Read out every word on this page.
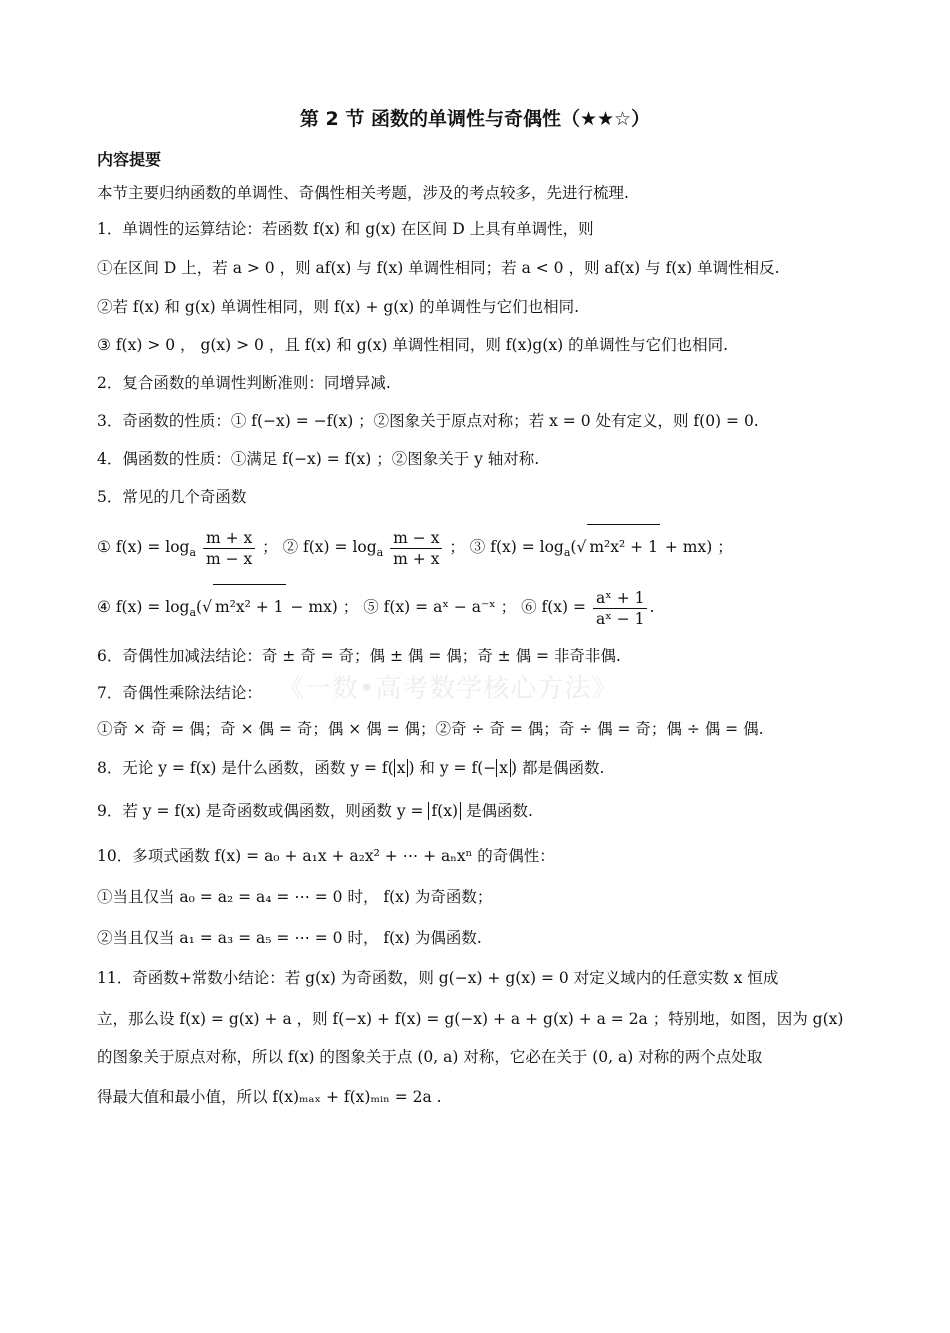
《一数•高考数学核心方法》
第 2 节 函数的单调性与奇偶性（★★☆）
内容提要
本节主要归纳函数的单调性、奇偶性相关考题，涉及的考点较多，先进行梳理.
1．单调性的运算结论：若函数 f(x) 和 g(x) 在区间 D 上具有单调性，则
①在区间 D 上，若 a > 0 ，则 af(x) 与 f(x) 单调性相同；若 a < 0 ，则 af(x) 与 f(x) 单调性相反.
②若 f(x) 和 g(x) 单调性相同，则 f(x) + g(x) 的单调性与它们也相同.
③ f(x) > 0 ， g(x) > 0 ，且 f(x) 和 g(x) 单调性相同，则 f(x)g(x) 的单调性与它们也相同.
2．复合函数的单调性判断准则：同增异减.
3．奇函数的性质：① f(−x) = −f(x) ；②图象关于原点对称；若 x = 0 处有定义，则 f(0) = 0.
4．偶函数的性质：①满足 f(−x) = f(x) ；②图象关于 y 轴对称.
5．常见的几个奇函数
① $f(x) = \log_a \frac{m + x}{m - x}$ ； ② $f(x) = \log_a \frac{m - x}{m + x}$ ； ③ $f(x) = \log_a(√$ m²x² + 1 + mx) ；
④ $f(x) = \log_a(√$ m²x² + 1 − mx) ； ⑤ f(x) = aˣ − a⁻ˣ ； ⑥ $f(x) = \frac{\text{aˣ + 1}}{\text{aˣ − 1}}$ .
6．奇偶性加减法结论：奇 ± 奇 = 奇；偶 ± 偶 = 偶；奇 ± 偶 = 非奇非偶.
7．奇偶性乘除法结论：
①奇 × 奇 = 偶；奇 × 偶 = 奇；偶 × 偶 = 偶；②奇 ÷ 奇 = 偶；奇 ÷ 偶 = 奇；偶 ÷ 偶 = 偶.
8．无论 y = f(x) 是什么函数，函数 y = f( x ) 和 y = f(− x ) 都是偶函数.
9．若 y = f(x) 是奇函数或偶函数，则函数 y = f(x) 是偶函数.
10．多项式函数 f(x) = a₀ + a₁x + a₂x² + ⋯ + aₙxⁿ 的奇偶性：
①当且仅当 a₀ = a₂ = a₄ = ⋯ = 0 时， f(x) 为奇函数；
②当且仅当 a₁ = a₃ = a₅ = ⋯ = 0 时， f(x) 为偶函数.
11．奇函数+常数小结论：若 g(x) 为奇函数，则 g(−x) + g(x) = 0 对定义域内的任意实数 x 恒成
立，那么设 f(x) = g(x) + a ，则 f(−x) + f(x) = g(−x) + a + g(x) + a = 2a ；特别地，如图，因为 g(x)
的图象关于原点对称，所以 f(x) 的图象关于点 (0, a) 对称，它必在关于 (0, a) 对称的两个点处取
得最大值和最小值，所以 f(x)ₘₐₓ + f(x)ₘᵢₙ = 2a .
